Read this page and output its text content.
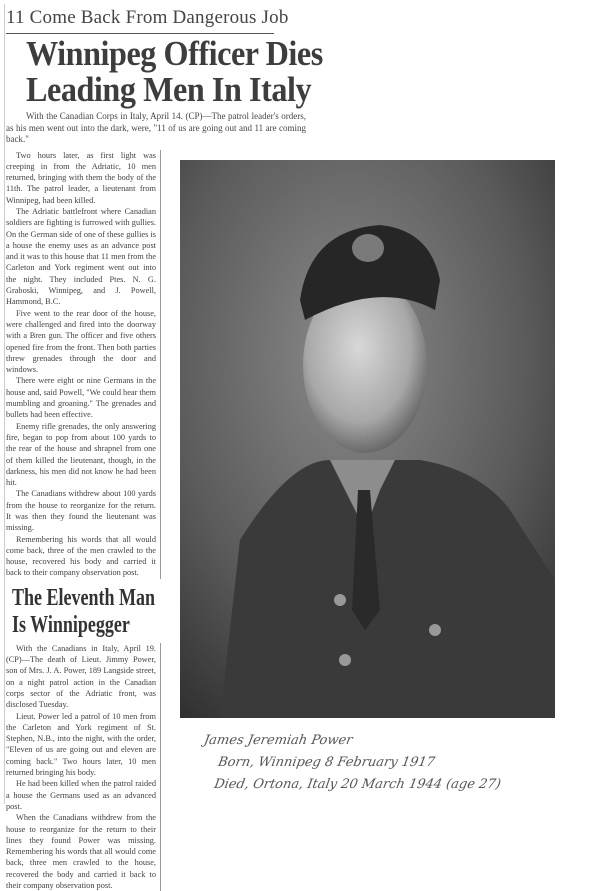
11 Come Back From Dangerous Job
Winnipeg Officer Dies
Leading Men In Italy

With the Canadian Corps in Italy, April 14. (CP)—The patrol leader's orders, as his men went out into the dark, were, "11 of us are going out and 11 are coming back."

Two hours later, as first light was creeping in from the Adriatic, 10 men returned, bringing with them the body of the 11th. The patrol leader, a lieutenant from Winnipeg, had been killed.

The Adriatic battlefront where Canadian soldiers are fighting is furrowed with gullies. On the German side of one of these gullies is a house the enemy uses as an advance post and it was to this house that 11 men from the Carleton and York regiment went out into the night. They included Ptes. N. G. Graboski, Winnipeg, and J. Powell, Hammond, B.C.

Five went to the rear door of the house, were challenged and fired into the doorway with a Bren gun. The officer and five others opened fire from the front. Then both parties threw grenades through the door and windows.

There were eight or nine Germans in the house and, said Powell, "We could hear them mumbling and groaning." The grenades and bullets had been effective.

Enemy rifle grenades, the only answering fire, began to pop from about 100 yards to the rear of the house and shrapnel from one of them killed the lieutenant, though, in the darkness, his men did not know he had been hit.

The Canadians withdrew about 100 yards from the house to reorganize for the return. It was then they found the lieutenant was missing.

Remembering his words that all would come back, three of the men crawled to the house, recovered his body and carried it back to their company observation post.

The Eleventh Man
Is Winnipegger

With the Canadians in Italy, April 19. (CP)—The death of Lieut. Jimmy Power, son of Mrs. J. A. Power, 189 Langside street, on a night patrol action in the Canadian corps sector of the Adriatic front, was disclosed Tuesday.

Lieut. Power led a patrol of 10 men from the Carleton and York regiment of St. Stephen, N.B., into the night, with the order, "Eleven of us are going out and eleven are coming back." Two hours later, 10 men returned bringing his body.

He had been killed when the patrol raided a house the Germans used as an advanced post.

When the Canadians withdrew from the house to reorganize for the return to their lines they found Power was missing. Remembering his words that all would come back, three men crawled to the house, recovered the body and carried it back to their company observation post.

James Jeremiah Power
Born, Winnipeg 8 February 1917
Died, Ortona, Italy 20 March 1944 (age 27)
